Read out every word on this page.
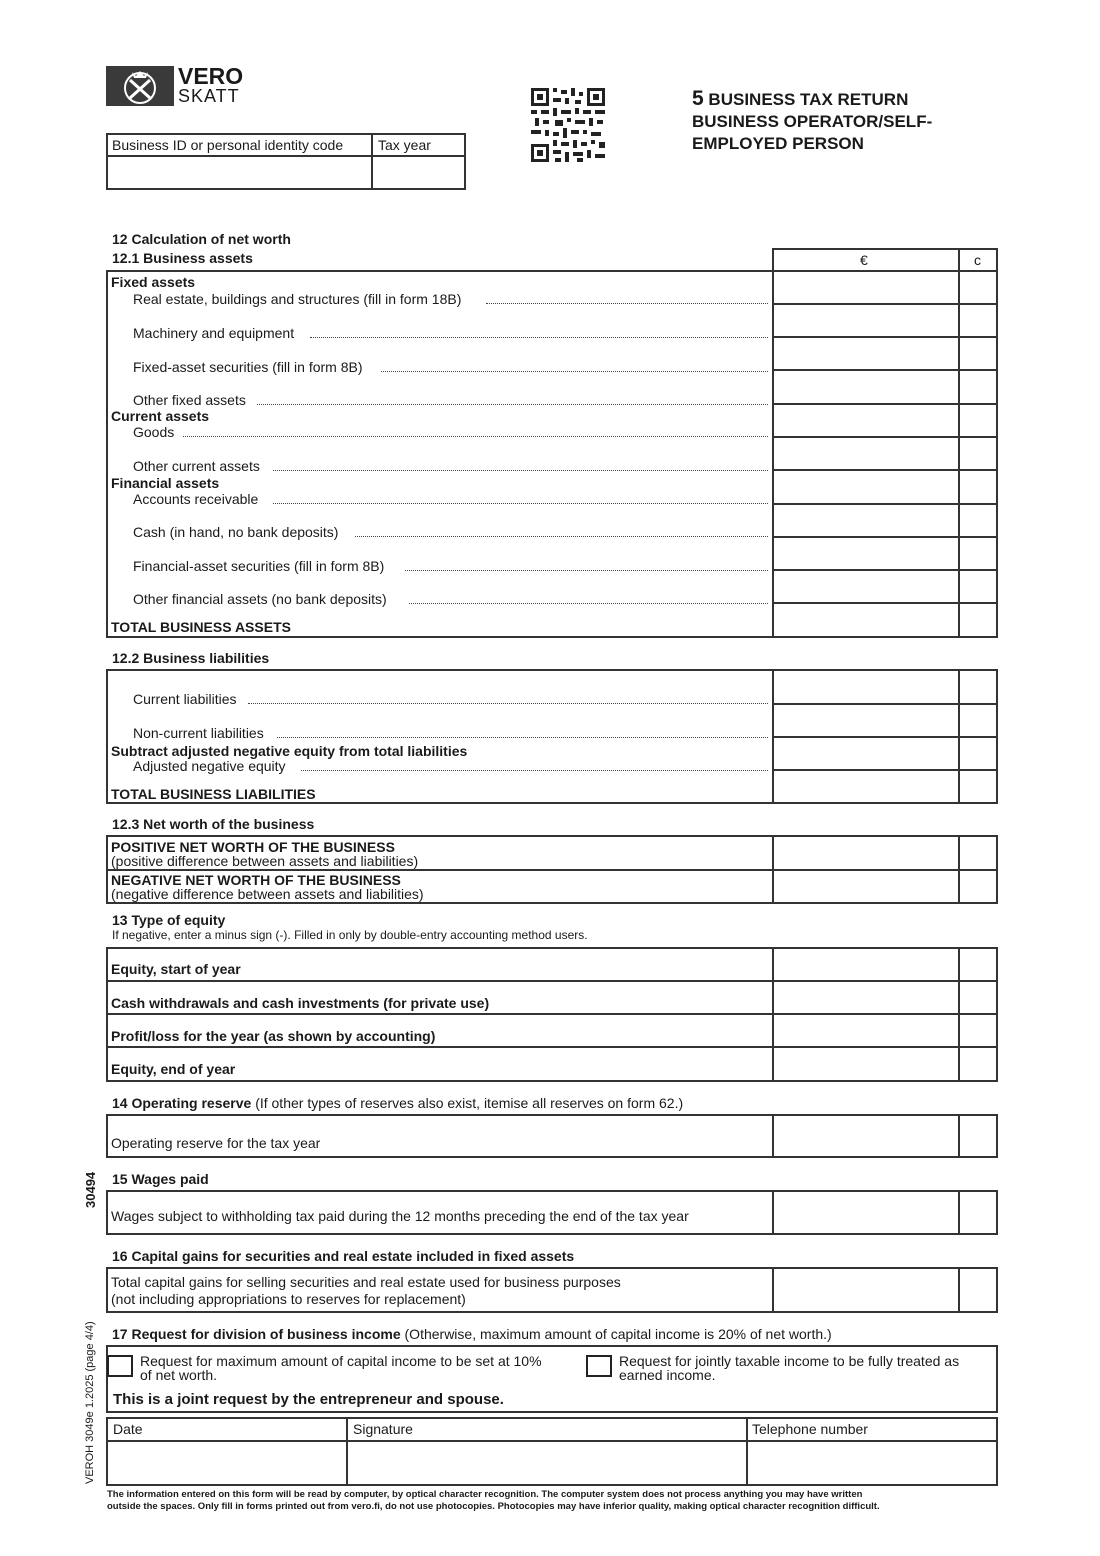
VERO
SKATT
Business ID or personal identity code Tax year
5 BUSINESS TAX RETURN
BUSINESS OPERATOR/SELF-
EMPLOYED PERSON
30494
VEROH 3049e 1.2025 (page 4/4)
12 Calculation of net worth
12.1 Business assets	€	c
Fixed assets
Real estate, buildings and structures (fill in form 18B)
Machinery and equipment
Fixed-asset securities (fill in form 8B)
Other fixed assets
Current assets
Goods
Other current assets
Financial assets
Accounts receivable
Cash (in hand, no bank deposits)
Financial-asset securities (fill in form 8B)
Other financial assets (no bank deposits)
TOTAL BUSINESS ASSETS
12.2 Business liabilities
Current liabilities
Non-current liabilities
Subtract adjusted negative equity from total liabilities
Adjusted negative equity
TOTAL BUSINESS LIABILITIES
12.3 Net worth of the business
POSITIVE NET WORTH OF THE BUSINESS
(positive difference between assets and liabilities)
NEGATIVE NET WORTH OF THE BUSINESS
(negative difference between assets and liabilities)
13 Type of equity
If negative, enter a minus sign (-). Filled in only by double-entry accounting method users.
Equity, start of year
Cash withdrawals and cash investments (for private use)
Profit/loss for the year (as shown by accounting)
Equity, end of year
14 Operating reserve (If other types of reserves also exist, itemise all reserves on form 62.)
Operating reserve for the tax year
15 Wages paid
Wages subject to withholding tax paid during the 12 months preceding the end of the tax year
16 Capital gains for securities and real estate included in fixed assets
Total capital gains for selling securities and real estate used for business purposes
(not including appropriations to reserves for replacement)
17 Request for division of business income (Otherwise, maximum amount of capital income is 20% of net worth.)
Request for maximum amount of capital income to be set at 10%
of net worth.
Request for jointly taxable income to be fully treated as
earned income.
This is a joint request by the entrepreneur and spouse.
Date	Signature	Telephone number
The information entered on this form will be read by computer, by optical character recognition. The computer system does not process anything you may have written
outside the spaces. Only fill in forms printed out from vero.fi, do not use photocopies. Photocopies may have inferior quality, making optical character recognition difficult.
